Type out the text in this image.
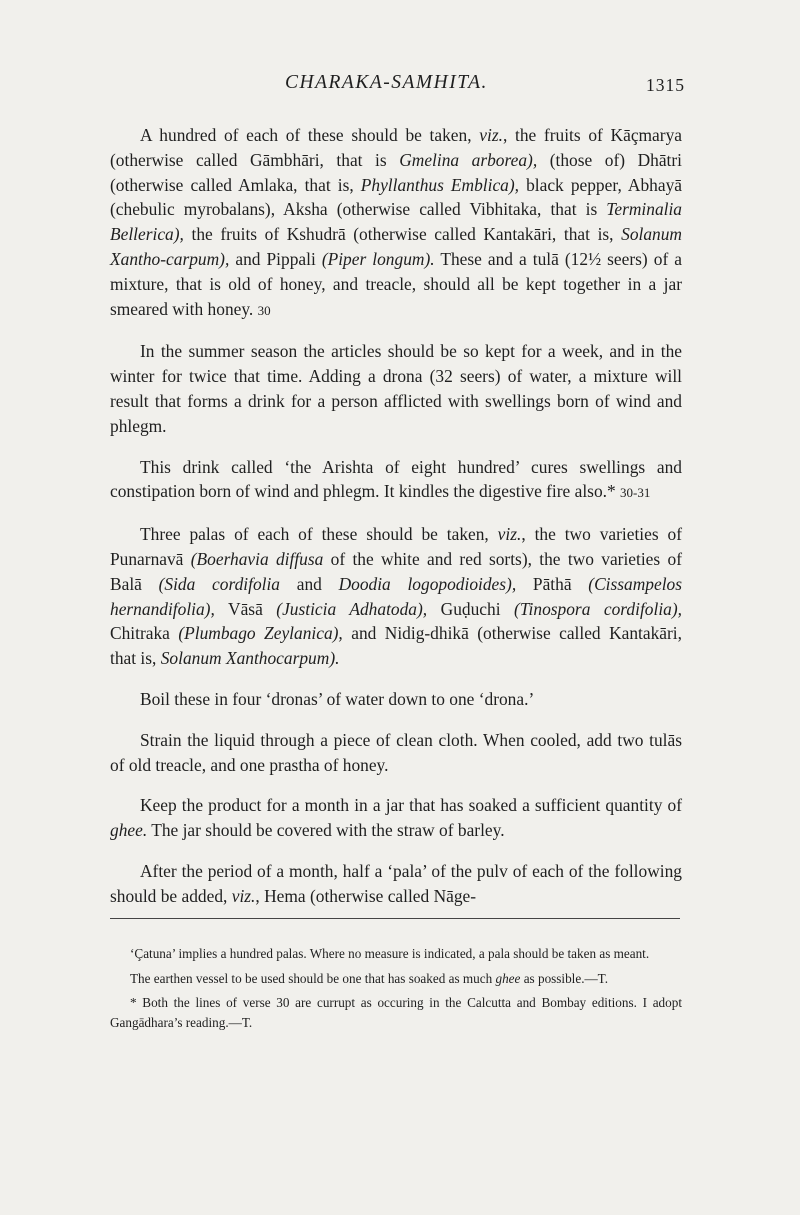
CHARAKA-SAMHITA.	1315

A hundred of each of these should be taken, viz., the fruits of Kāçmarya (otherwise called Gāmbhāri, that is Gmelina arborea), (those of) Dhātri (otherwise called Amlaka, that is, Phyllanthus Emblica), black pepper, Abhayā (chebulic myrobalans), Aksha (otherwise called Vibhitaka, that is Terminalia Bellerica), the fruits of Kshudrā (otherwise called Kantakāri, that is, Solanum Xantho-carpum), and Pippali (Piper longum). These and a tulā (12½ seers) of a mixture, that is old of honey, and treacle, should all be kept together in a jar smeared with honey. 30

In the summer season the articles should be so kept for a week, and in the winter for twice that time. Adding a drona (32 seers) of water, a mixture will result that forms a drink for a person afflicted with swellings born of wind and phlegm.

This drink called ‘the Arishta of eight hundred’ cures swellings and constipation born of wind and phlegm. It kindles the digestive fire also.* 30-31

Three palas of each of these should be taken, viz., the two varieties of Punarnavā (Boerhavia diffusa of the white and red sorts), the two varieties of Balā (Sida cordifolia and Doodia logopodioides), Pāthā (Cissampelos hernandifolia), Vāsā (Justicia Adhatoda), Guḍuchi (Tinospora cordifolia), Chitraka (Plumbago Zeylanica), and Nidig-dhikā (otherwise called Kantakāri, that is, Solanum Xanthocarpum).

Boil these in four ‘dronas’ of water down to one ‘drona.’

Strain the liquid through a piece of clean cloth. When cooled, add two tulās of old treacle, and one prastha of honey.

Keep the product for a month in a jar that has soaked a sufficient quantity of ghee. The jar should be covered with the straw of barley.

After the period of a month, half a ‘pala’ of the pulv of each of the following should be added, viz., Hema (otherwise called Nāge-

‘Çatuna’ implies a hundred palas. Where no measure is indicated, a pala should be taken as meant.

The earthen vessel to be used should be one that has soaked as much ghee as possible.—T.

* Both the lines of verse 30 are currupt as occuring in the Calcutta and Bombay editions. I adopt Gangādhara’s reading.—T.
